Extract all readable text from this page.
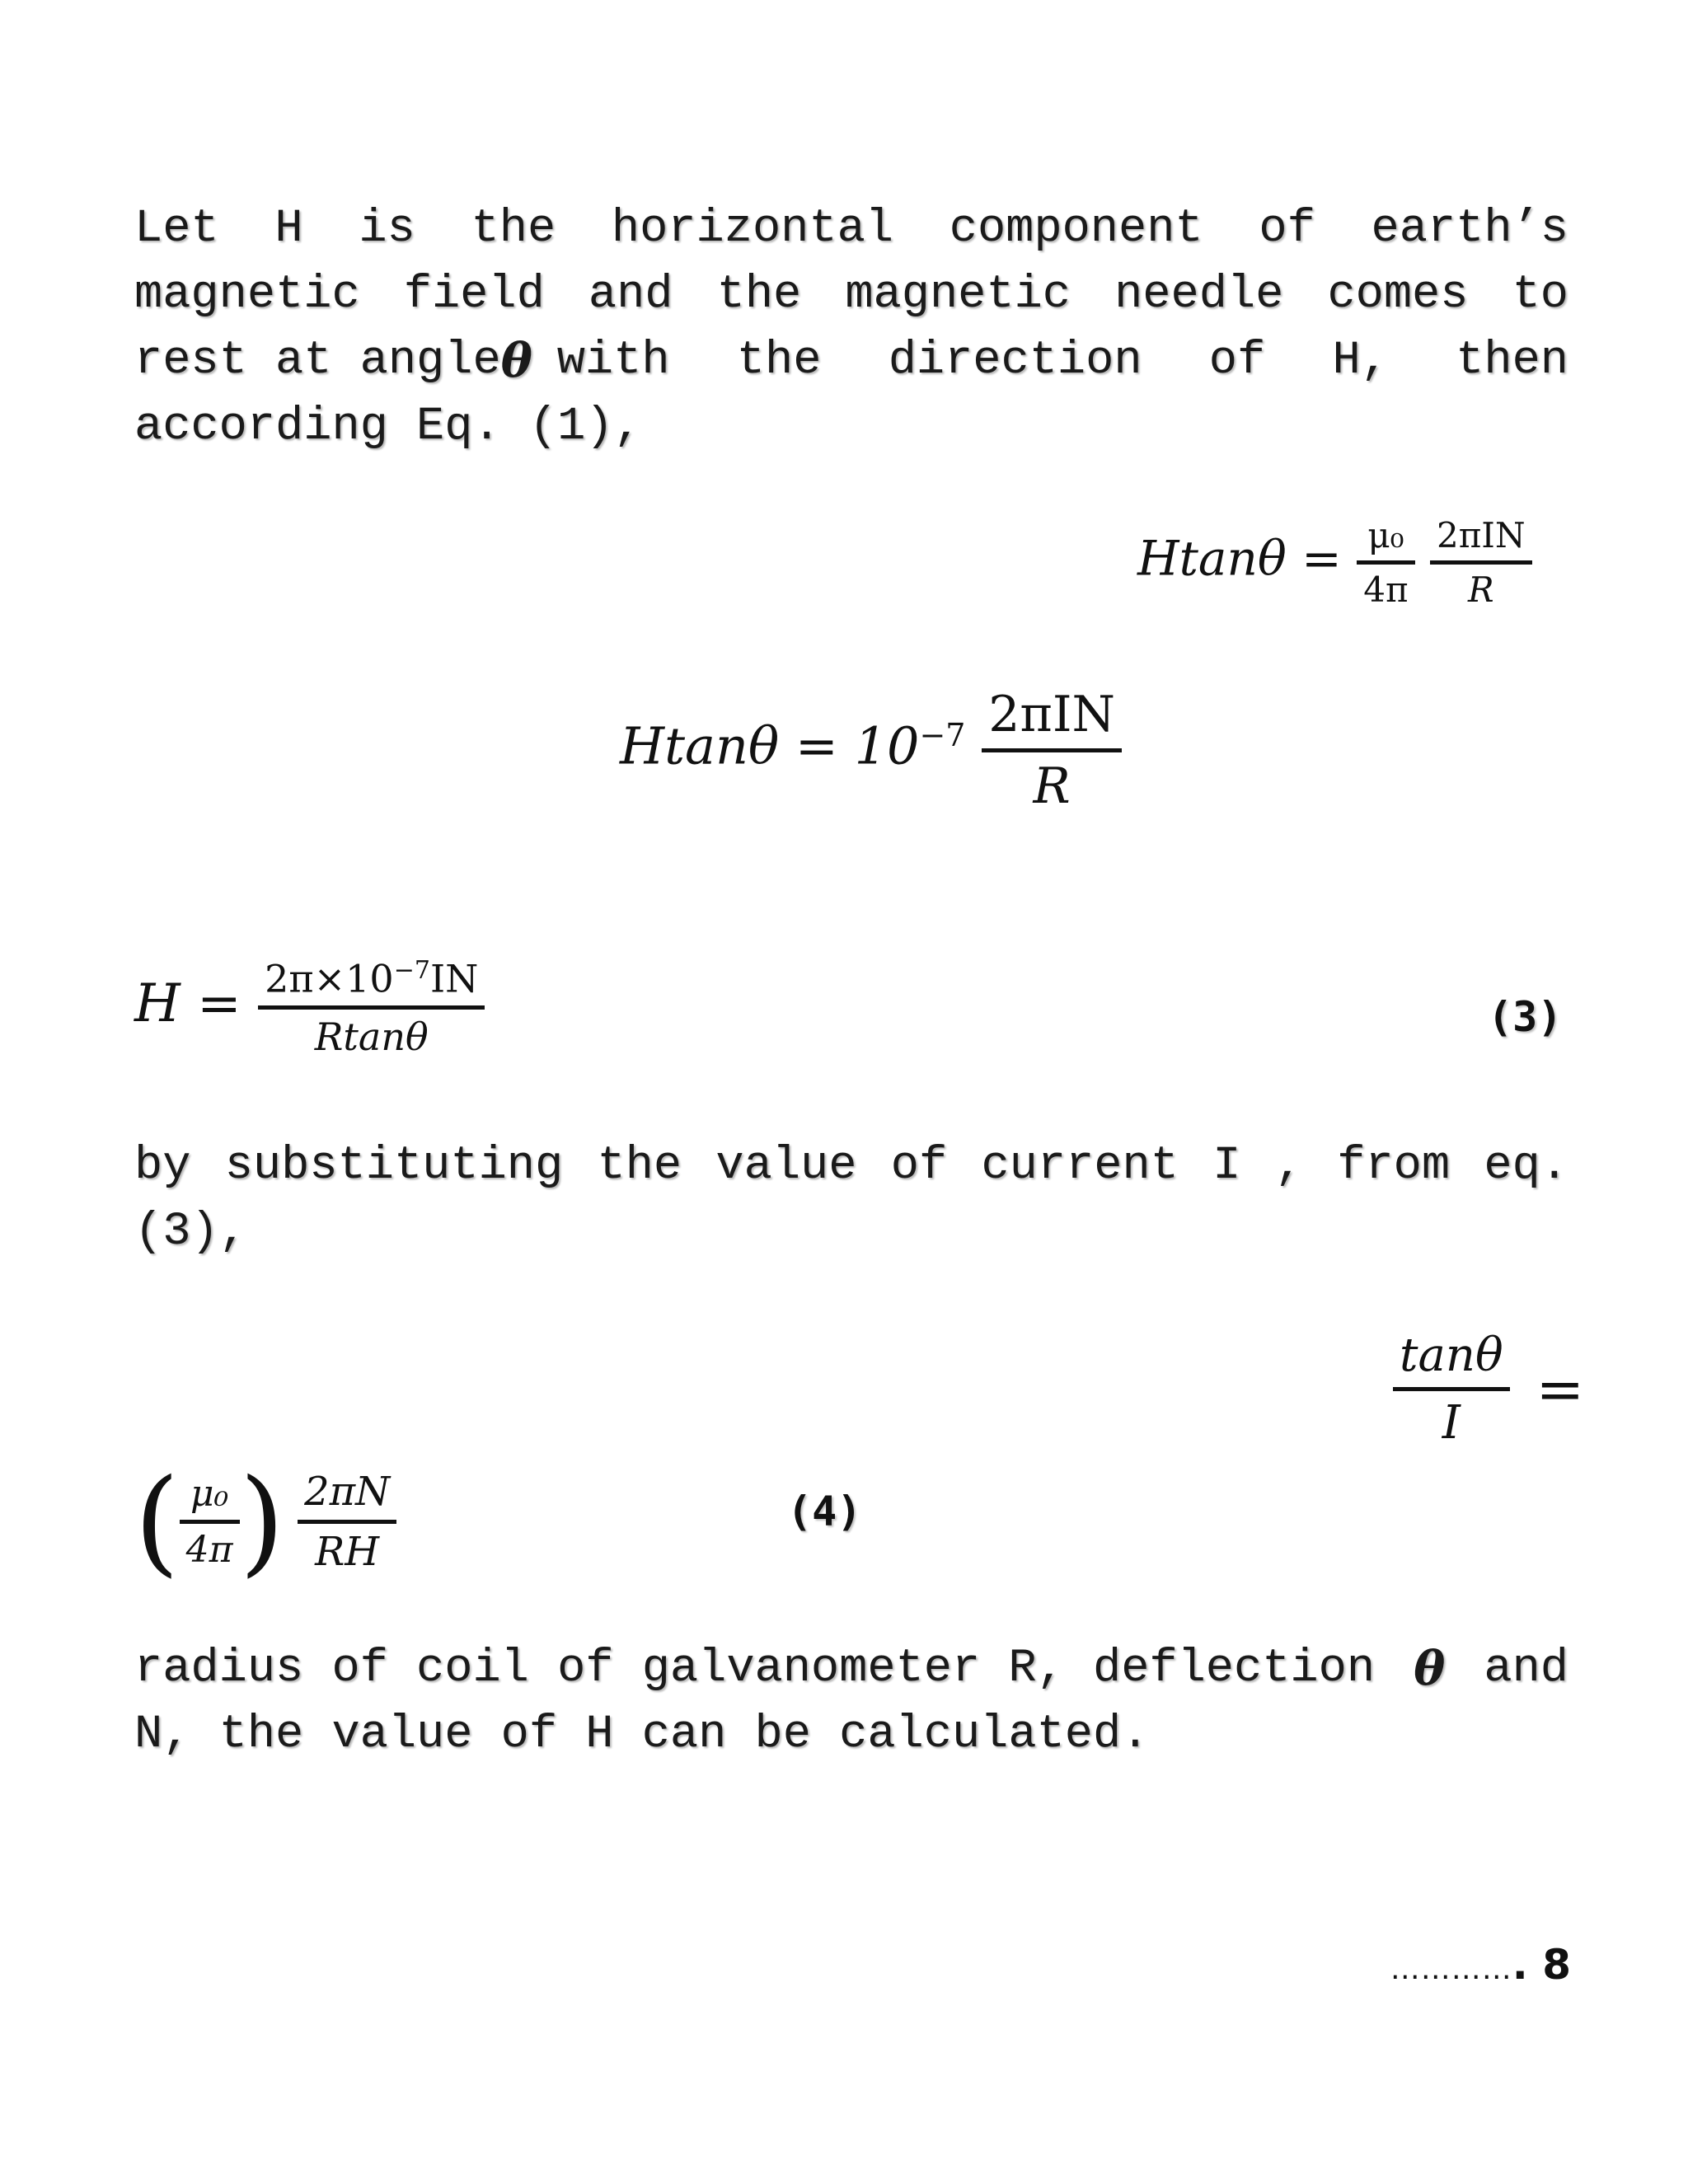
Let H is the horizontal component of earth’s
magnetic field and the magnetic needle comes to
rest at angle θ with the direction of H, then
according Eq. (1),
$Htan\theta = \frac{\text{μ₀}}{4\pi}$
$\frac{\text{2πIN}}{R}$
$Htan\theta = 10^{-7} \frac{\text{2πIN}}{R}$
$H = \frac{2\pi\times 10^{-7}IN}{Rtan\theta}$	(3)
by substituting the value of current I , from eq.
(3),
$\frac{\tan\theta}{I}$ =
( $\frac{\text{μ₀}}{4\pi}$ ) $\frac{2\pi N}{RH}$	(4)
radius of coil of galvanometer R, deflection θ and
N, the value of H can be calculated.
…………. 8
